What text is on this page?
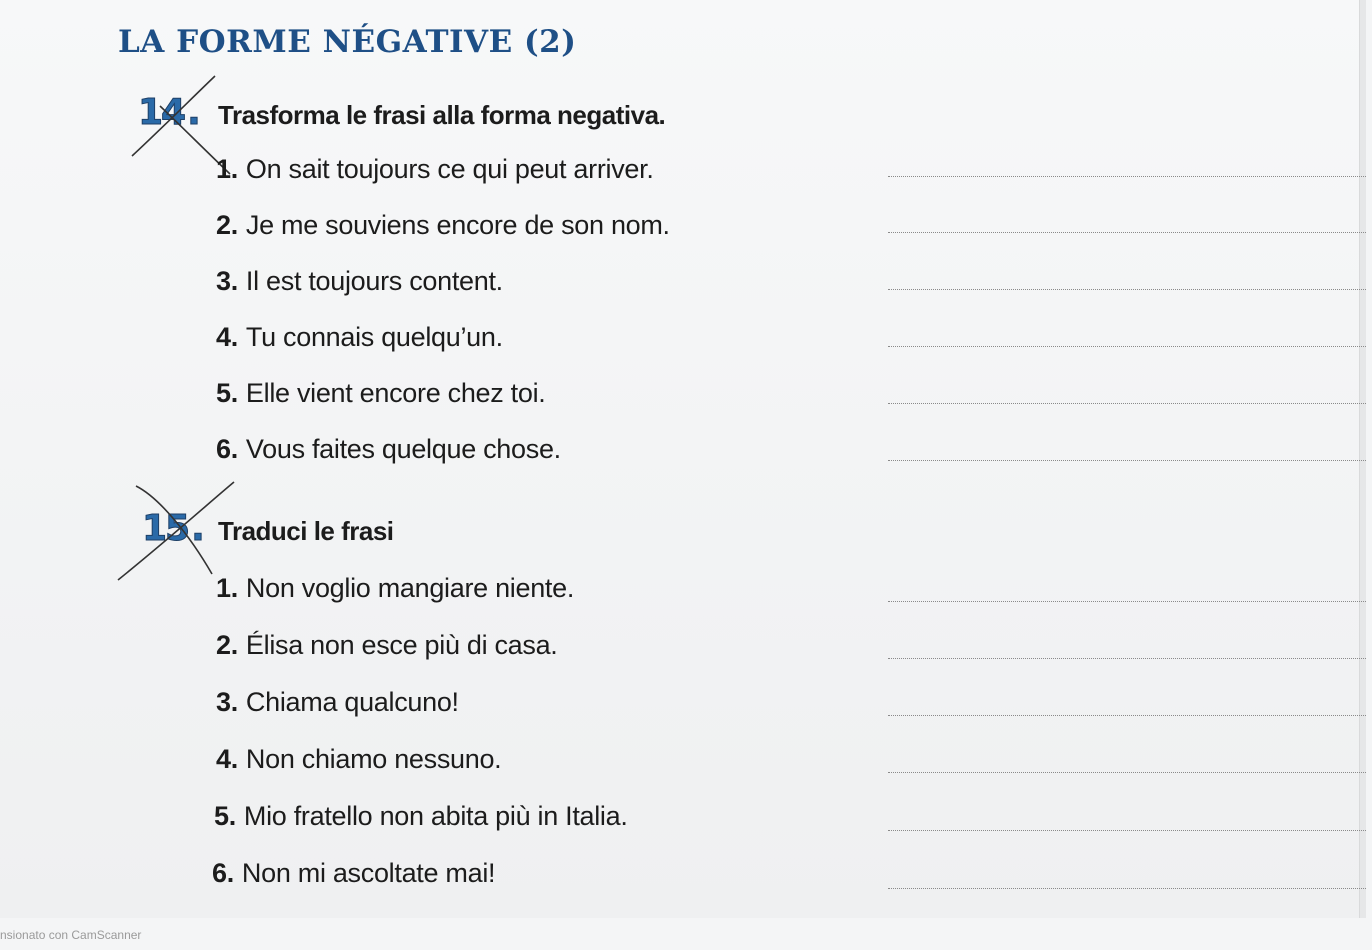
LA FORME NÉGATIVE (2)
14. Trasforma le frasi alla forma negativa.
1. On sait toujours ce qui peut arriver.
2. Je me souviens encore de son nom.
3. Il est toujours content.
4. Tu connais quelqu’un.
5. Elle vient encore chez toi.
6. Vous faites quelque chose.
15. Traduci le frasi
1. Non voglio mangiare niente.
2. Élisa non esce più di casa.
3. Chiama qualcuno!
4. Non chiamo nessuno.
5. Mio fratello non abita più in Italia.
6. Non mi ascoltate mai!
nsionato con CamScanner
